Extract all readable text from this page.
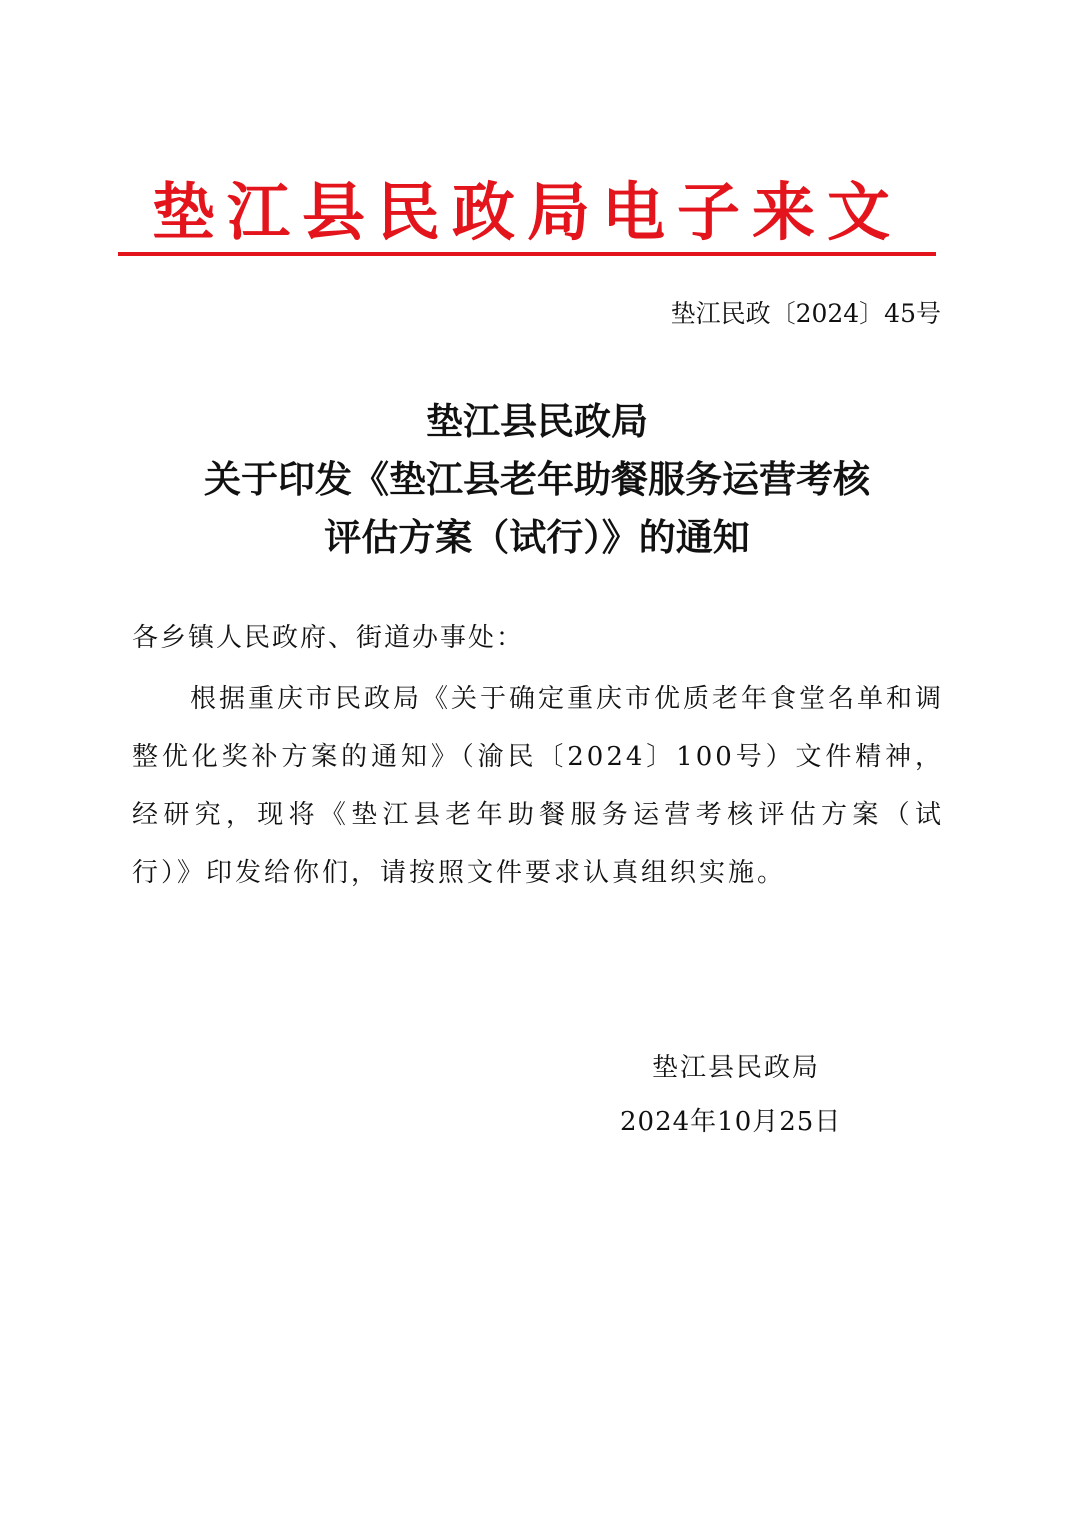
垫江县民政局电子来文
垫江民政〔2024〕45号
垫江县民政局
关于印发《垫江县老年助餐服务运营考核
评估方案（试行）》的通知
各乡镇人民政府、街道办事处：
根据重庆市民政局《关于确定重庆市优质老年食堂名单和调整优化奖补方案的通知》（渝民〔2024〕100号）文件精神，经研究，现将《垫江县老年助餐服务运营考核评估方案（试行）》印发给你们，请按照文件要求认真组织实施。
垫江县民政局
2024年10月25日
